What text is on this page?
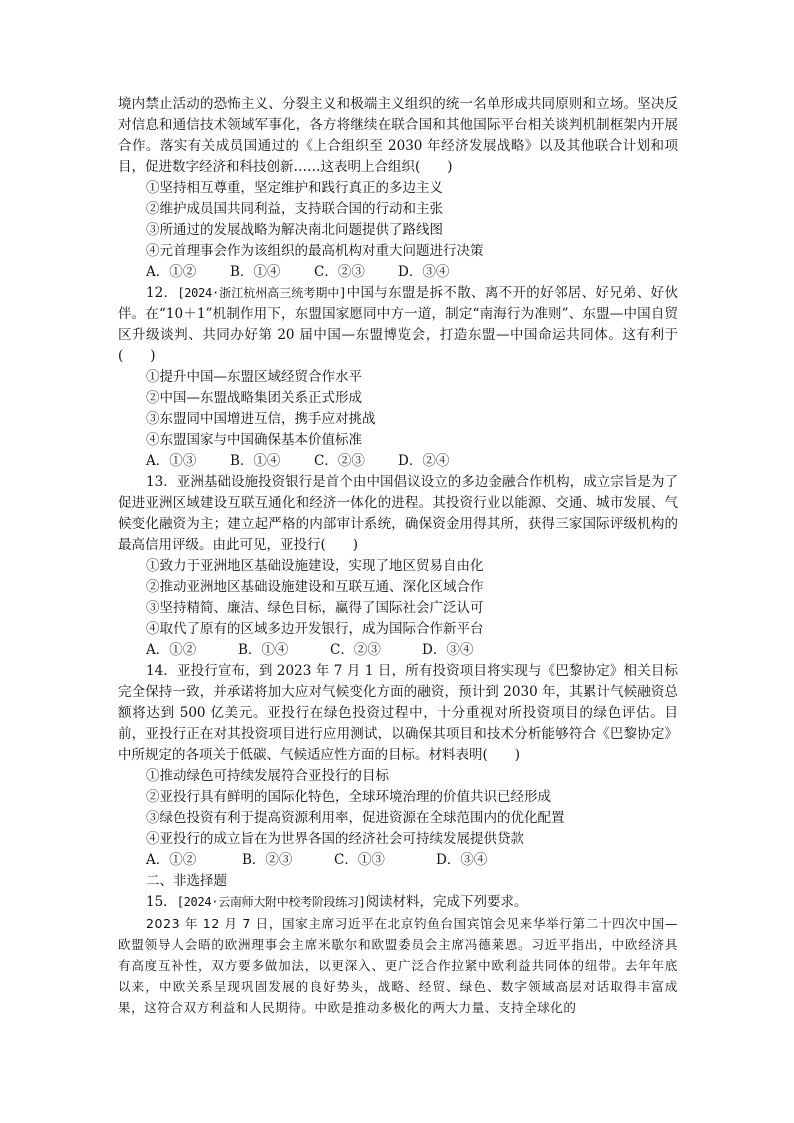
境内禁止活动的恐怖主义、分裂主义和极端主义组织的统一名单形成共同原则和立场。坚决反对信息和通信技术领域军事化，各方将继续在联合国和其他国际平台相关谈判机制框架内开展合作。落实有关成员国通过的《上合组织至 2030 年经济发展战略》以及其他联合计划和项目，促进数字经济和科技创新……这表明上合组织(　　)

①坚持相互尊重，坚定维护和践行真正的多边主义

②维护成员国共同利益，支持联合国的行动和主张

③所通过的发展战略为解决南北问题提供了路线图

④元首理事会作为该组织的最高机构对重大问题进行决策

A．①②	B．①④ C．②③ D．③④

12．[2024·浙江杭州高三统考期中]中国与东盟是拆不散、离不开的好邻居、好兄弟、好伙伴。在“10＋1”机制作用下，东盟国家愿同中方一道，制定“南海行为准则”、东盟—中国自贸区升级谈判、共同办好第 20 届中国—东盟博览会，打造东盟—中国命运共同体。这有利于(　　)

①提升中国—东盟区域经贸合作水平

②中国—东盟战略集团关系正式形成

③东盟同中国增进互信，携手应对挑战

④东盟国家与中国确保基本价值标准

A．①③	B．①④ C．②③ D．②④

13．亚洲基础设施投资银行是首个由中国倡议设立的多边金融合作机构，成立宗旨是为了促进亚洲区域建设互联互通化和经济一体化的进程。其投资行业以能源、交通、城市发展、气候变化融资为主；建立起严格的内部审计系统，确保资金用得其所，获得三家国际评级机构的最高信用评级。由此可见，亚投行(　　)

①致力于亚洲地区基础设施建设，实现了地区贸易自由化

②推动亚洲地区基础设施建设和互联互通、深化区域合作

③坚持精简、廉洁、绿色目标，赢得了国际社会广泛认可

④取代了原有的区域多边开发银行，成为国际合作新平台

A．①②	B．①④	C．②③	D．③④

14．亚投行宣布，到 2023 年 7 月 1 日，所有投资项目将实现与《巴黎协定》相关目标完全保持一致，并承诺将加大应对气候变化方面的融资，预计到 2030 年，其累计气候融资总额将达到 500 亿美元。亚投行在绿色投资过程中，十分重视对所投资项目的绿色评估。目前，亚投行正在对其投资项目进行应用测试，以确保其项目和技术分析能够符合《巴黎协定》中所规定的各项关于低碳、气候适应性方面的目标。材料表明(　　)

①推动绿色可持续发展符合亚投行的目标

②亚投行具有鲜明的国际化特色，全球环境治理的价值共识已经形成

③绿色投资有利于提高资源利用率，促进资源在全球范围内的优化配置

④亚投行的成立旨在为世界各国的经济社会可持续发展提供贷款

A．①②	B．②③	C．①③	D．③④

二、非选择题

15．[2024·云南师大附中校考阶段练习]阅读材料，完成下列要求。

2023 年 12 月 7 日，国家主席习近平在北京钓鱼台国宾馆会见来华举行第二十四次中国—欧盟领导人会晤的欧洲理事会主席米歇尔和欧盟委员会主席冯德莱恩。习近平指出，中欧经济具有高度互补性，双方要多做加法，以更深入、更广泛合作拉紧中欧利益共同体的纽带。去年年底以来，中欧关系呈现巩固发展的良好势头，战略、经贸、绿色、数字领域高层对话取得丰富成果，这符合双方利益和人民期待。中欧是推动多极化的两大力量、支持全球化的
